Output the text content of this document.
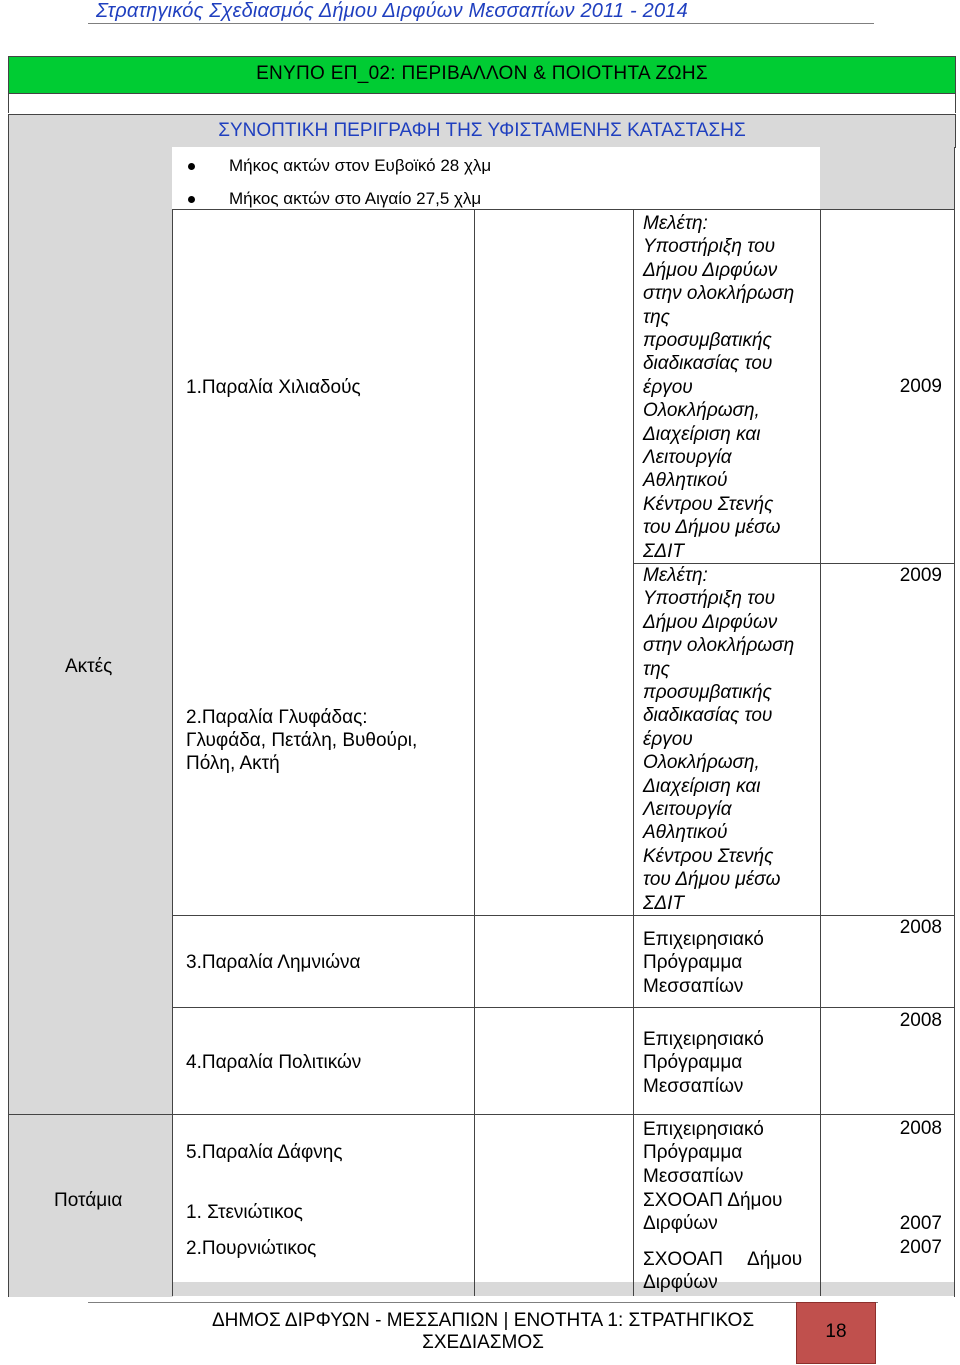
Στρατηγικός Σχεδιασμός Δήμου Διρφύων Μεσσαπίων 2011 - 2014
ΕΝΥΠΟ ΕΠ_02: ΠΕΡΙΒΑΛΛΟΝ & ΠΟΙΟΤΗΤΑ ΖΩΗΣ
ΣΥΝΟΠΤΙΚΗ ΠΕΡΙΓΡΑΦΗ ΤΗΣ ΥΦΙΣΤΑΜΕΝΗΣ ΚΑΤΑΣΤΑΣΗΣ
Μήκος ακτών στον Ευβοϊκό 28 χλμ
Μήκος ακτών στο Αιγαίο 27,5 χλμ
Ακτές
Ποτάμια
1.Παραλία Χιλιαδούς
2.Παραλία Γλυφάδας:
Γλυφάδα, Πετάλη, Βυθούρι,
Πόλη, Ακτή
3.Παραλία Λημνιώνα
4.Παραλία Πολιτικών
5.Παραλία Δάφνης
1. Στενιώτικος
2.Πουρνιώτικος
Μελέτη:
Υποστήριξη του
Δήμου Διρφύων
στην ολοκλήρωση
της
προσυμβατικής
διαδικασίας του
έργου
Ολοκλήρωση,
Διαχείριση και
Λειτουργία
Αθλητικού
Κέντρου Στενής
του Δήμου μέσω
ΣΔΙΤ
Μελέτη:
Υποστήριξη του
Δήμου Διρφύων
στην ολοκλήρωση
της
προσυμβατικής
διαδικασίας του
έργου
Ολοκλήρωση,
Διαχείριση και
Λειτουργία
Αθλητικού
Κέντρου Στενής
του Δήμου μέσω
ΣΔΙΤ
Επιχειρησιακό
Πρόγραμμα
Μεσσαπίων
Επιχειρησιακό
Πρόγραμμα
Μεσσαπίων
Επιχειρησιακό
Πρόγραμμα
Μεσσαπίων
ΣΧΟΟΑΠ Δήμου
Διρφύων
ΣΧΟΟΑΠ Δήμου
Διρφύων
2009
2009
2008
2008
2008
2007
2007
ΔΗΜΟΣ ΔΙΡΦΥΩΝ - ΜΕΣΣΑΠΙΩΝ | ΕΝΟΤΗΤΑ 1: ΣΤΡΑΤΗΓΙΚΟΣ
ΣΧΕΔΙΑΣΜΟΣ
18
